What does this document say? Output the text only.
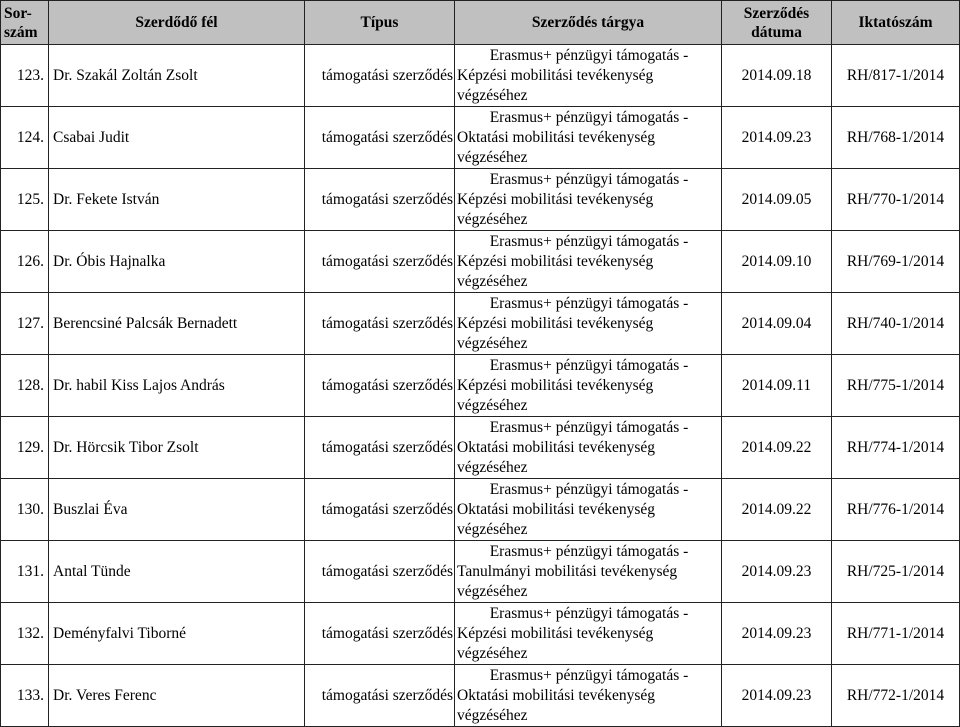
Sor-
szám	Szerdődő fél	Típus	Szerződés tárgya	Szerződés
dátuma	Iktatószám
123.	Dr. Szakál Zoltán Zsolt	támogatási szerződés	Erasmus+ pénzügyi támogatás -
Képzési mobilitási tevékenység
végzéséhez	2014.09.18	RH/817-1/2014
124.	Csabai Judit	támogatási szerződés	Erasmus+ pénzügyi támogatás -
Oktatási mobilitási tevékenység
végzéséhez	2014.09.23	RH/768-1/2014
125.	Dr. Fekete István	támogatási szerződés	Erasmus+ pénzügyi támogatás -
Képzési mobilitási tevékenység
végzéséhez	2014.09.05	RH/770-1/2014
126.	Dr. Óbis Hajnalka	támogatási szerződés	Erasmus+ pénzügyi támogatás -
Képzési mobilitási tevékenység
végzéséhez	2014.09.10	RH/769-1/2014
127.	Berencsiné Palcsák Bernadett	támogatási szerződés	Erasmus+ pénzügyi támogatás -
Képzési mobilitási tevékenység
végzéséhez	2014.09.04	RH/740-1/2014
128.	Dr. habil Kiss Lajos András	támogatási szerződés	Erasmus+ pénzügyi támogatás -
Képzési mobilitási tevékenység
végzéséhez	2014.09.11	RH/775-1/2014
129.	Dr. Hörcsik Tibor Zsolt	támogatási szerződés	Erasmus+ pénzügyi támogatás -
Oktatási mobilitási tevékenység
végzéséhez	2014.09.22	RH/774-1/2014
130.	Buszlai Éva	támogatási szerződés	Erasmus+ pénzügyi támogatás -
Oktatási mobilitási tevékenység
végzéséhez	2014.09.22	RH/776-1/2014
131.	Antal Tünde	támogatási szerződés	Erasmus+ pénzügyi támogatás -
Tanulmányi mobilitási tevékenység
végzéséhez	2014.09.23	RH/725-1/2014
132.	Deményfalvi Tiborné	támogatási szerződés	Erasmus+ pénzügyi támogatás -
Képzési mobilitási tevékenység
végzéséhez	2014.09.23	RH/771-1/2014
133.	Dr. Veres Ferenc	támogatási szerződés	Erasmus+ pénzügyi támogatás -
Oktatási mobilitási tevékenység
végzéséhez	2014.09.23	RH/772-1/2014
